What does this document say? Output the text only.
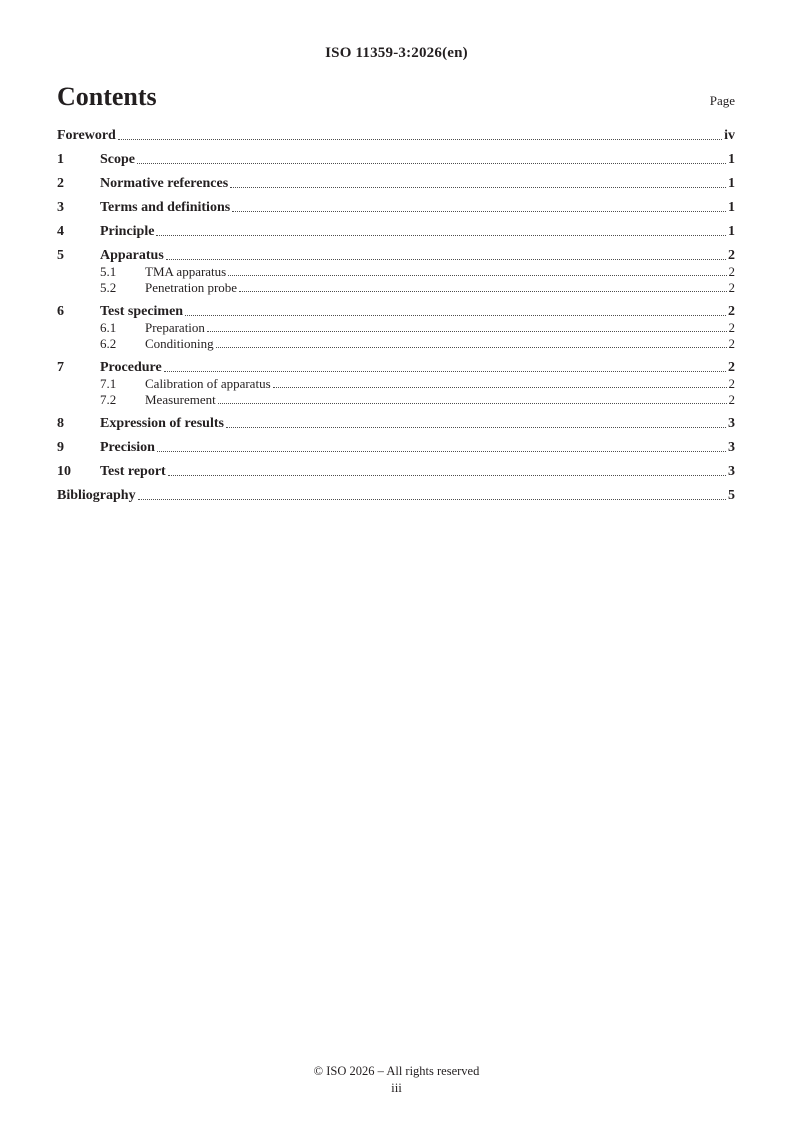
ISO 11359-3:2026(en)
Contents	Page
Foreword	iv
1	Scope	1
2	Normative references	1
3	Terms and definitions	1
4	Principle	1
5	Apparatus	2
5.1	TMA apparatus	2
5.2	Penetration probe	2
6	Test specimen	2
6.1	Preparation	2
6.2	Conditioning	2
7	Procedure	2
7.1	Calibration of apparatus	2
7.2	Measurement	2
8	Expression of results	3
9	Precision	3
10	Test report	3
Bibliography	5
© ISO 2026 – All rights reserved
iii
